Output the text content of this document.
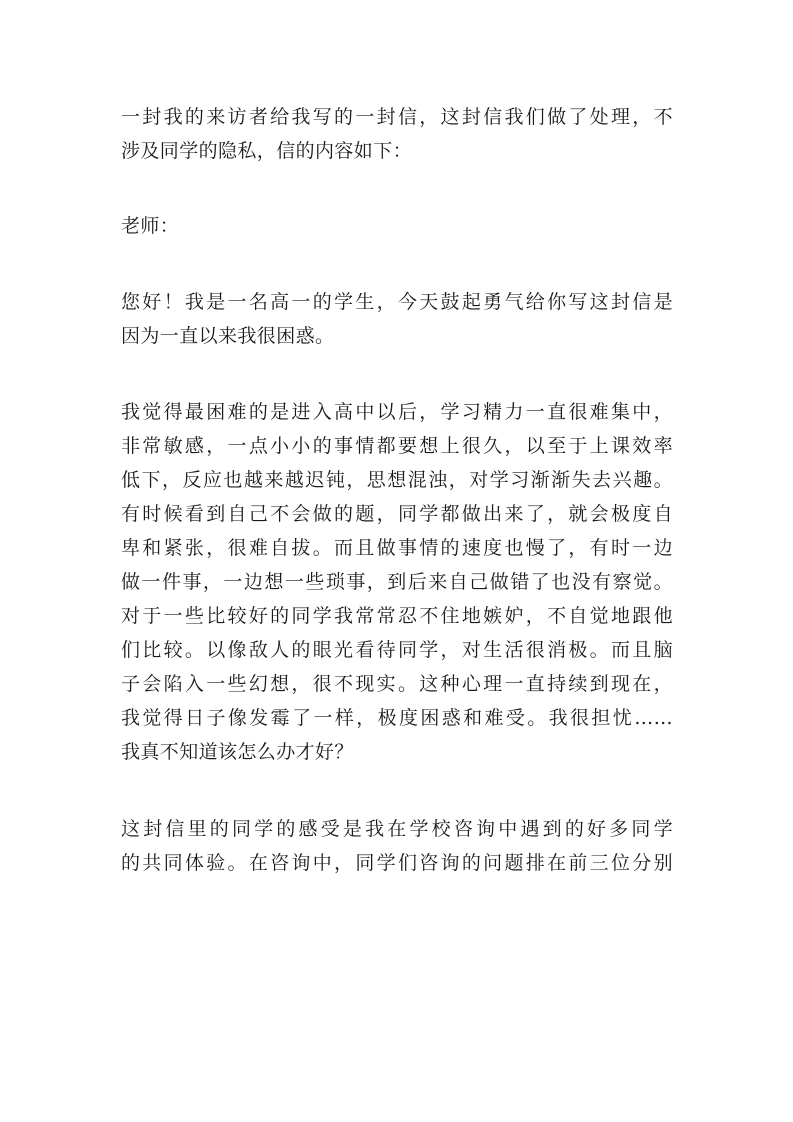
一封我的来访者给我写的一封信，这封信我们做了处理，不
涉及同学的隐私，信的内容如下：

老师：

您好！我是一名高一的学生，今天鼓起勇气给你写这封信是
因为一直以来我很困惑。

我觉得最困难的是进入高中以后，学习精力一直很难集中，
非常敏感，一点小小的事情都要想上很久，以至于上课效率
低下，反应也越来越迟钝，思想混浊，对学习渐渐失去兴趣。
有时候看到自己不会做的题，同学都做出来了，就会极度自
卑和紧张，很难自拔。而且做事情的速度也慢了，有时一边
做一件事，一边想一些琐事，到后来自己做错了也没有察觉。
对于一些比较好的同学我常常忍不住地嫉妒，不自觉地跟他
们比较。以像敌人的眼光看待同学，对生活很消极。而且脑
子会陷入一些幻想，很不现实。这种心理一直持续到现在，
我觉得日子像发霉了一样，极度困惑和难受。我很担忧……
我真不知道该怎么办才好？

这封信里的同学的感受是我在学校咨询中遇到的好多同学
的共同体验。在咨询中，同学们咨询的问题排在前三位分别
